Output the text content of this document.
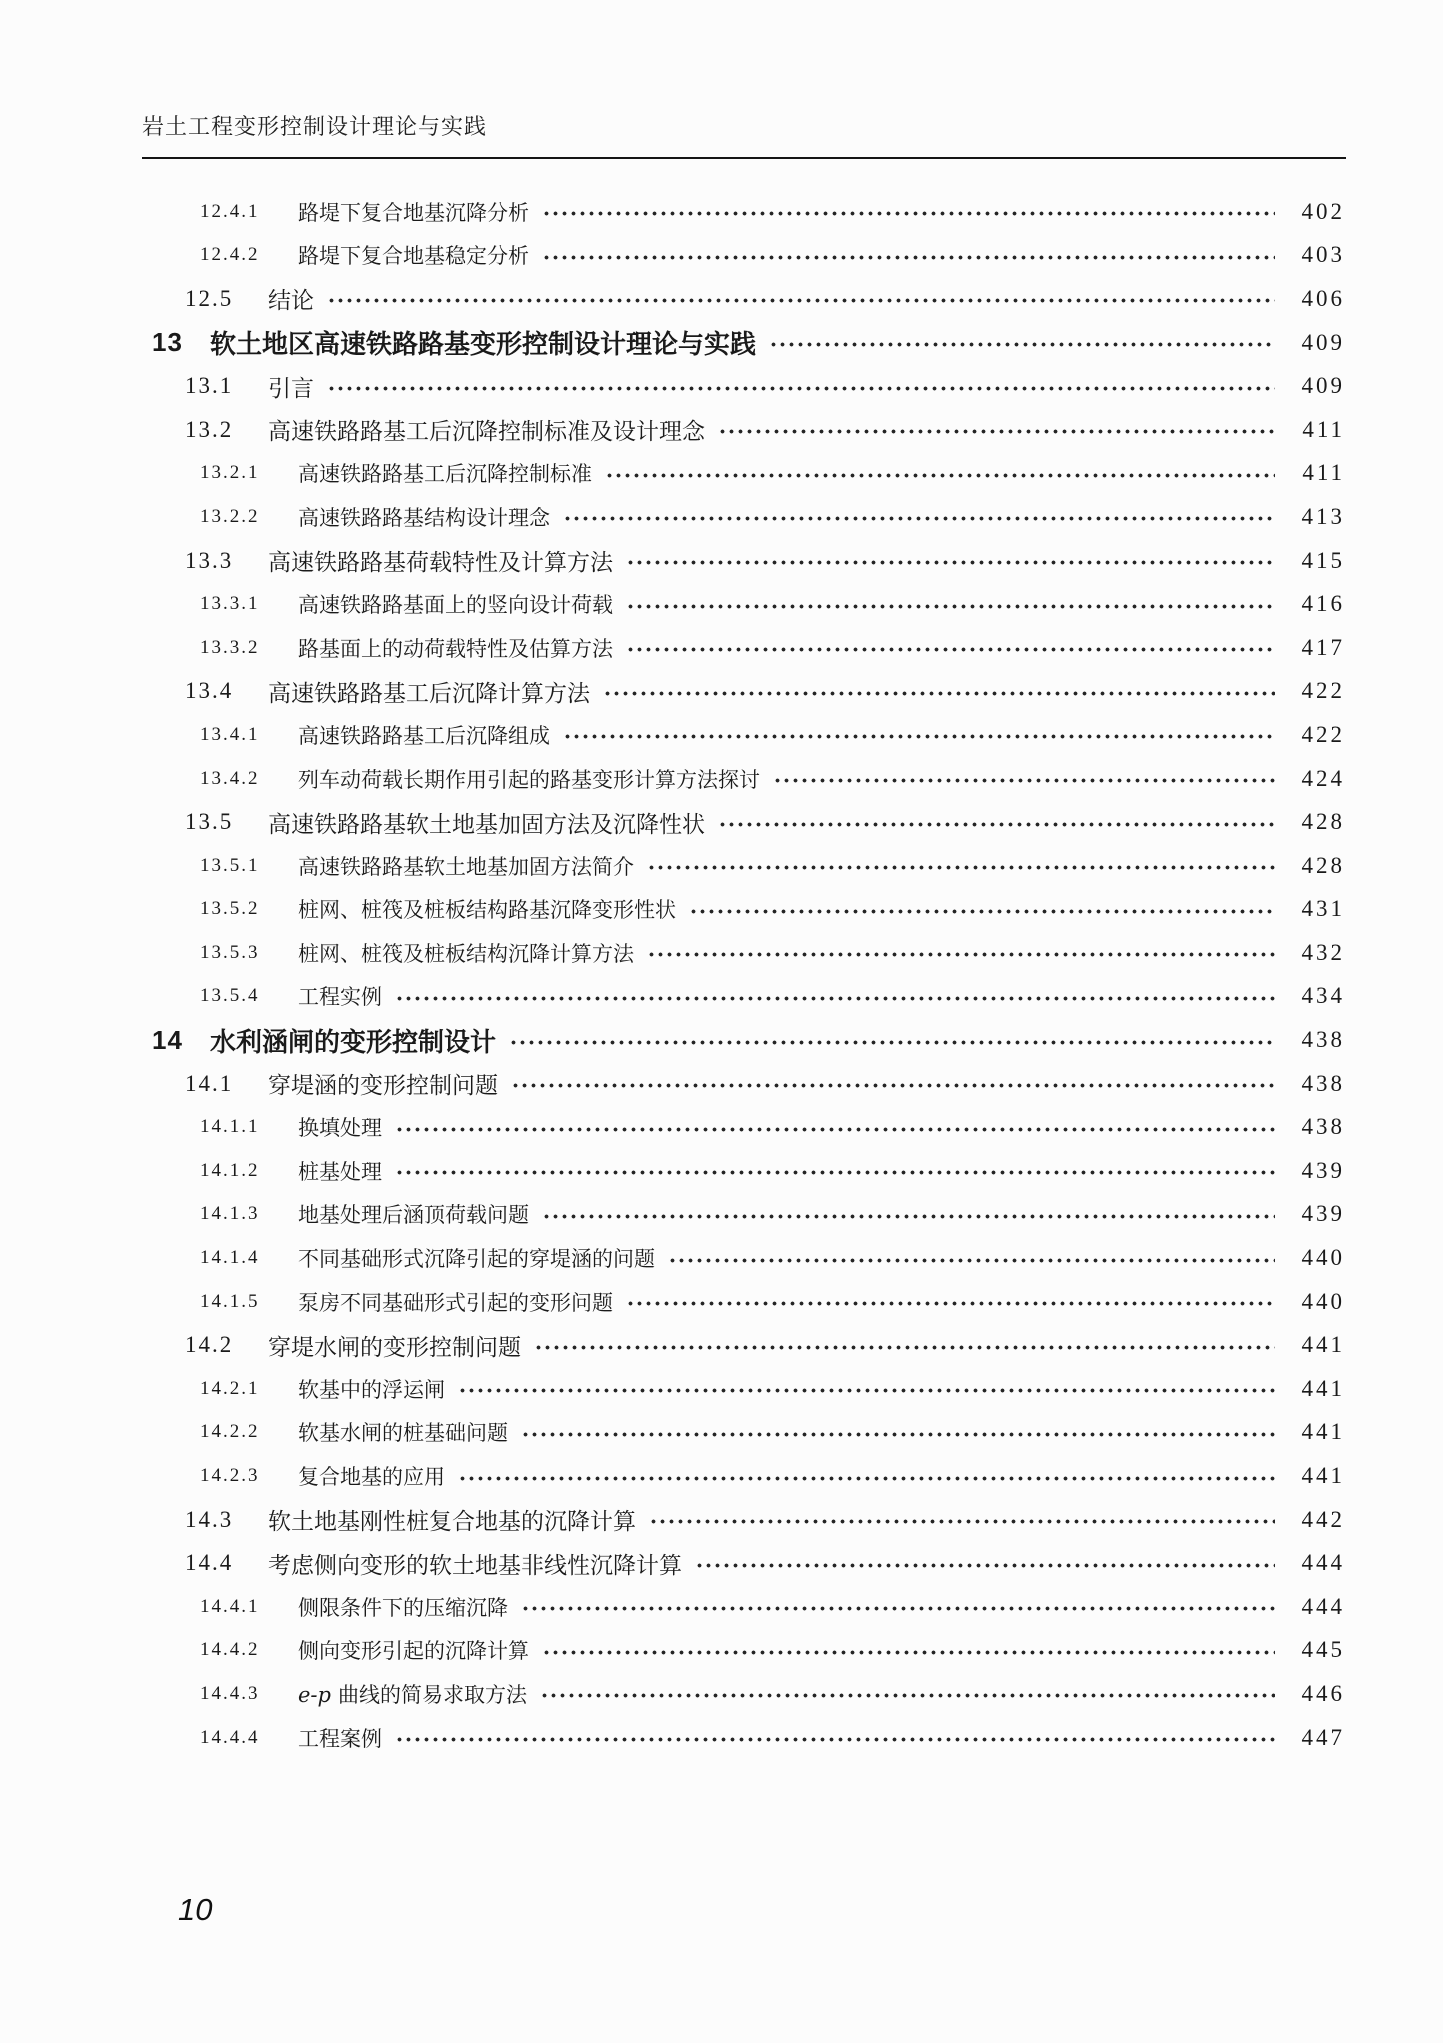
岩土工程变形控制设计理论与实践
12.4.1	路堤下复合地基沉降分析	402
12.4.2	路堤下复合地基稳定分析	403
12.5	结论	406
13	软土地区高速铁路路基变形控制设计理论与实践	409
13.1	引言	409
13.2	高速铁路路基工后沉降控制标准及设计理念	411
13.2.1	高速铁路路基工后沉降控制标准	411
13.2.2	高速铁路路基结构设计理念	413
13.3	高速铁路路基荷载特性及计算方法	415
13.3.1	高速铁路路基面上的竖向设计荷载	416
13.3.2	路基面上的动荷载特性及估算方法	417
13.4	高速铁路路基工后沉降计算方法	422
13.4.1	高速铁路路基工后沉降组成	422
13.4.2	列车动荷载长期作用引起的路基变形计算方法探讨	424
13.5	高速铁路路基软土地基加固方法及沉降性状	428
13.5.1	高速铁路路基软土地基加固方法简介	428
13.5.2	桩网、桩筏及桩板结构路基沉降变形性状	431
13.5.3	桩网、桩筏及桩板结构沉降计算方法	432
13.5.4	工程实例	434
14	水利涵闸的变形控制设计	438
14.1	穿堤涵的变形控制问题	438
14.1.1	换填处理	438
14.1.2	桩基处理	439
14.1.3	地基处理后涵顶荷载问题	439
14.1.4	不同基础形式沉降引起的穿堤涵的问题	440
14.1.5	泵房不同基础形式引起的变形问题	440
14.2	穿堤水闸的变形控制问题	441
14.2.1	软基中的浮运闸	441
14.2.2	软基水闸的桩基础问题	441
14.2.3	复合地基的应用	441
14.3	软土地基刚性桩复合地基的沉降计算	442
14.4	考虑侧向变形的软土地基非线性沉降计算	444
14.4.1	侧限条件下的压缩沉降	444
14.4.2	侧向变形引起的沉降计算	445
14.4.3	e-p 曲线的简易求取方法	446
14.4.4	工程案例	447
10
